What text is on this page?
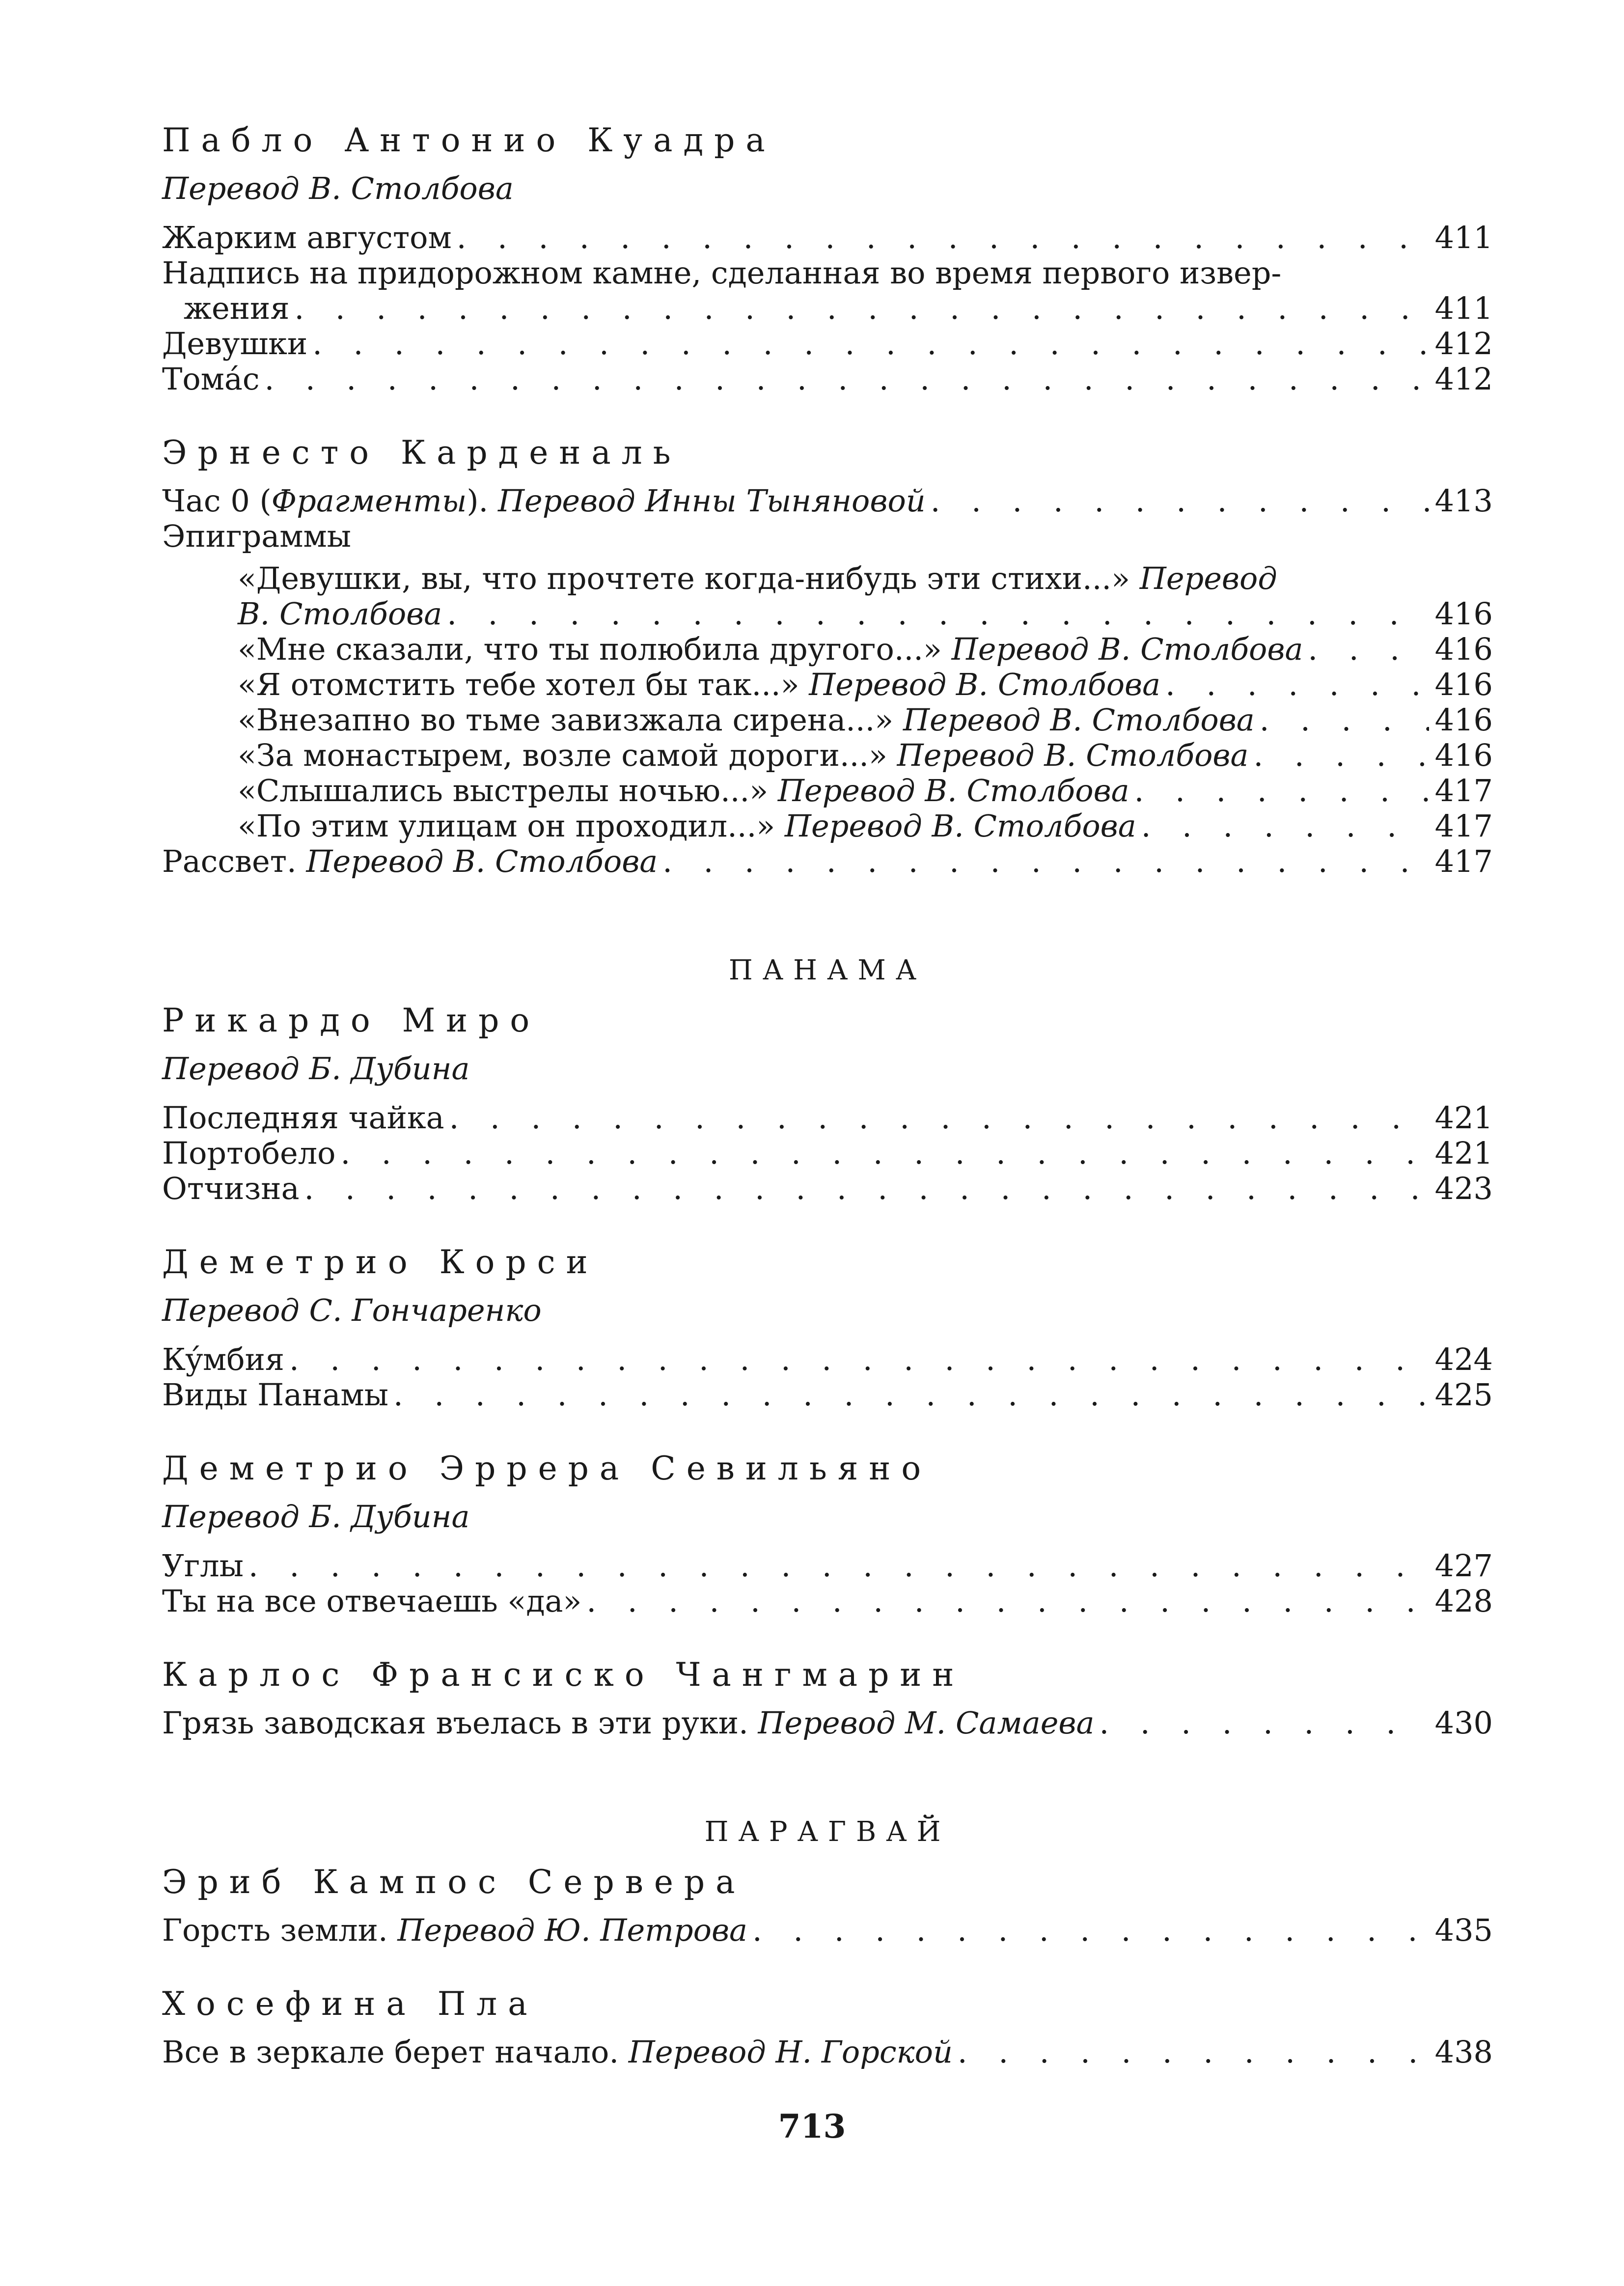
Пабло Антонио Куадра
Перевод В. Столбова
Жарким августом . . .	411
Надпись на придорожном камне, сделанная во время первого извер-
жения . . .	411
Девушки . . .	412
Томáс . . .	412
Эрнесто Карденаль
Час 0 (Фрагменты). Перевод Инны Тыняновой . . .	413
Эпиграммы
«Девушки, вы, что прочтете когда-нибудь эти стихи...» Перевод
В. Столбова . . .	416
«Мне сказали, что ты полюбила другого...» Перевод В. Столбова . . .	416
«Я отомстить тебе хотел бы так...» Перевод В. Столбова . . .	416
«Внезапно во тьме завизжала сирена...» Перевод В. Столбова . . .	416
«За монастырем, возле самой дороги...» Перевод В. Столбова . . .	416
«Слышались выстрелы ночью...» Перевод В. Столбова . . .	417
«По этим улицам он проходил...» Перевод В. Столбова . . .	417
Рассвет. Перевод В. Столбова . . .	417
ПАНАМА
Рикардо Миро
Перевод Б. Дубина
Последняя чайка . . .	421
Портобело . . .	421
Отчизна . . .	423
Деметрио Корси
Перевод С. Гончаренко
Кýмбия . . .	424
Виды Панамы . . .	425
Деметрио Эррера Севильяно
Перевод Б. Дубина
Углы . . .	427
Ты на все отвечаешь «да» . . .	428
Карлос Франсиско Чангмарин
Грязь заводская въелась в эти руки. Перевод М. Самаева . . .	430
ПАРАГВАЙ
Эриб Кампос Сервера
Горсть земли. Перевод Ю. Петрова . . .	435
Хосефина Пла
Все в зеркале берет начало. Перевод Н. Горской . . .	438
713
